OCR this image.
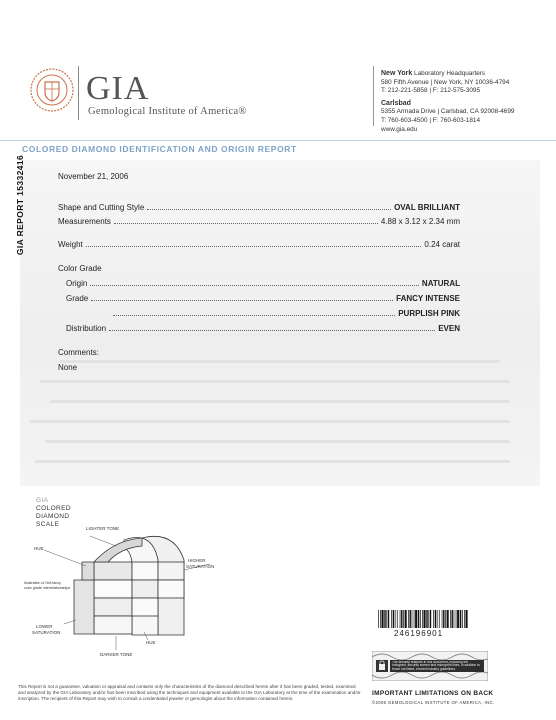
GIA
Gemological Institute of America®
New York Laboratory Headquarters
580 Fifth Avenue | New York, NY 10036-4794
T: 212-221-5858 | F: 212-575-3095
Carlsbad
5355 Armada Drive | Carlsbad, CA 92008-4699
T: 760-603-4500 | F: 760-603-1814
www.gia.edu
COLORED DIAMOND IDENTIFICATION AND ORIGIN REPORT
GIA REPORT 15332416	November 21, 2006
Shape and Cutting Style	OVAL BRILLIANT
Measurements	4.88 x 3.12 x 2.34 mm
Weight	0.24 carat
Color Grade
Origin	NATURAL
Grade	FANCY INTENSE
PURPLISH PINK
Distribution	EVEN
Comments:
None
GIA
COLORED
DIAMOND
SCALE
LIGHTER TONE
HUE
HIGHER
SATURATION
Illustration of GIA fancy
color grade interrelationships
LOWER
SATURATION
HUE
DARKER TONE
246196901
The security features in this document, including the hologram, security screen and microprint lines, in addition to those not listed, exceed industry guidelines.
IMPORTANT LIMITATIONS ON BACK
©2006 GEMOLOGICAL INSTITUTE OF AMERICA, INC.
This Report is not a guarantee, valuation or appraisal and contains only the characteristics of the diamond described herein after it has been graded, tested, examined and analyzed by the GIA Laboratory and/or has been inscribed using the techniques and equipment available to the GIA Laboratory at the time of the examination and/or inscription. The recipient of this Report may wish to consult a credentialed jeweler or gemologist about the information contained herein.
